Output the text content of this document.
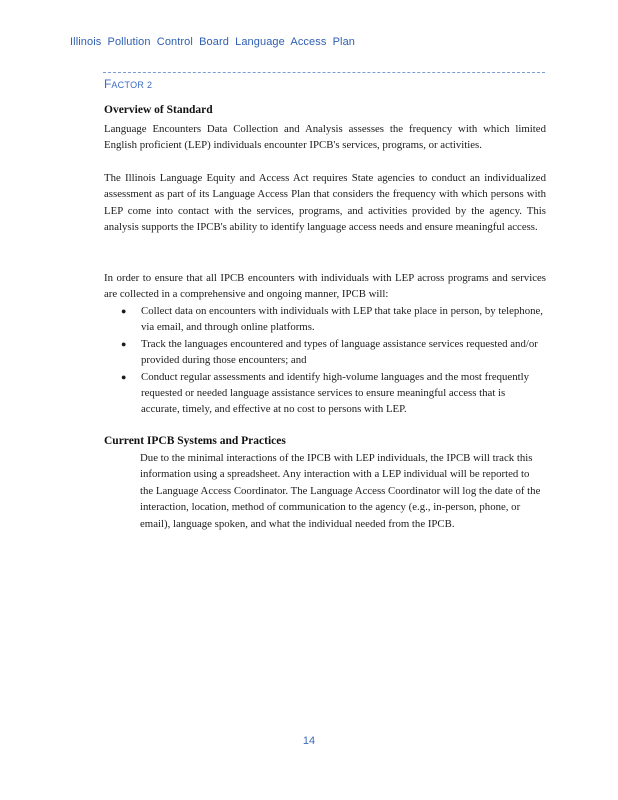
Illinois Pollution Control Board Language Access Plan
FACTOR 2
Overview of Standard
Language Encounters Data Collection and Analysis assesses the frequency with which limited English proficient (LEP) individuals encounter IPCB's services, programs, or activities.
The Illinois Language Equity and Access Act requires State agencies to conduct an individualized assessment as part of its Language Access Plan that considers the frequency with which persons with LEP come into contact with the services, programs, and activities provided by the agency. This analysis supports the IPCB's ability to identify language access needs and ensure meaningful access.
In order to ensure that all IPCB encounters with individuals with LEP across programs and services are collected in a comprehensive and ongoing manner, IPCB will:
● Collect data on encounters with individuals with LEP that take place in person, by telephone, via email, and through online platforms.
● Track the languages encountered and types of language assistance services requested and/or provided during those encounters; and
● Conduct regular assessments and identify high-volume languages and the most frequently requested or needed language assistance services to ensure meaningful access that is accurate, timely, and effective at no cost to persons with LEP.
Current IPCB Systems and Practices
Due to the minimal interactions of the IPCB with LEP individuals, the IPCB will track this information using a spreadsheet. Any interaction with a LEP individual will be reported to the Language Access Coordinator. The Language Access Coordinator will log the date of the interaction, location, method of communication to the agency (e.g., in-person, phone, or email), language spoken, and what the individual needed from the IPCB.
14
